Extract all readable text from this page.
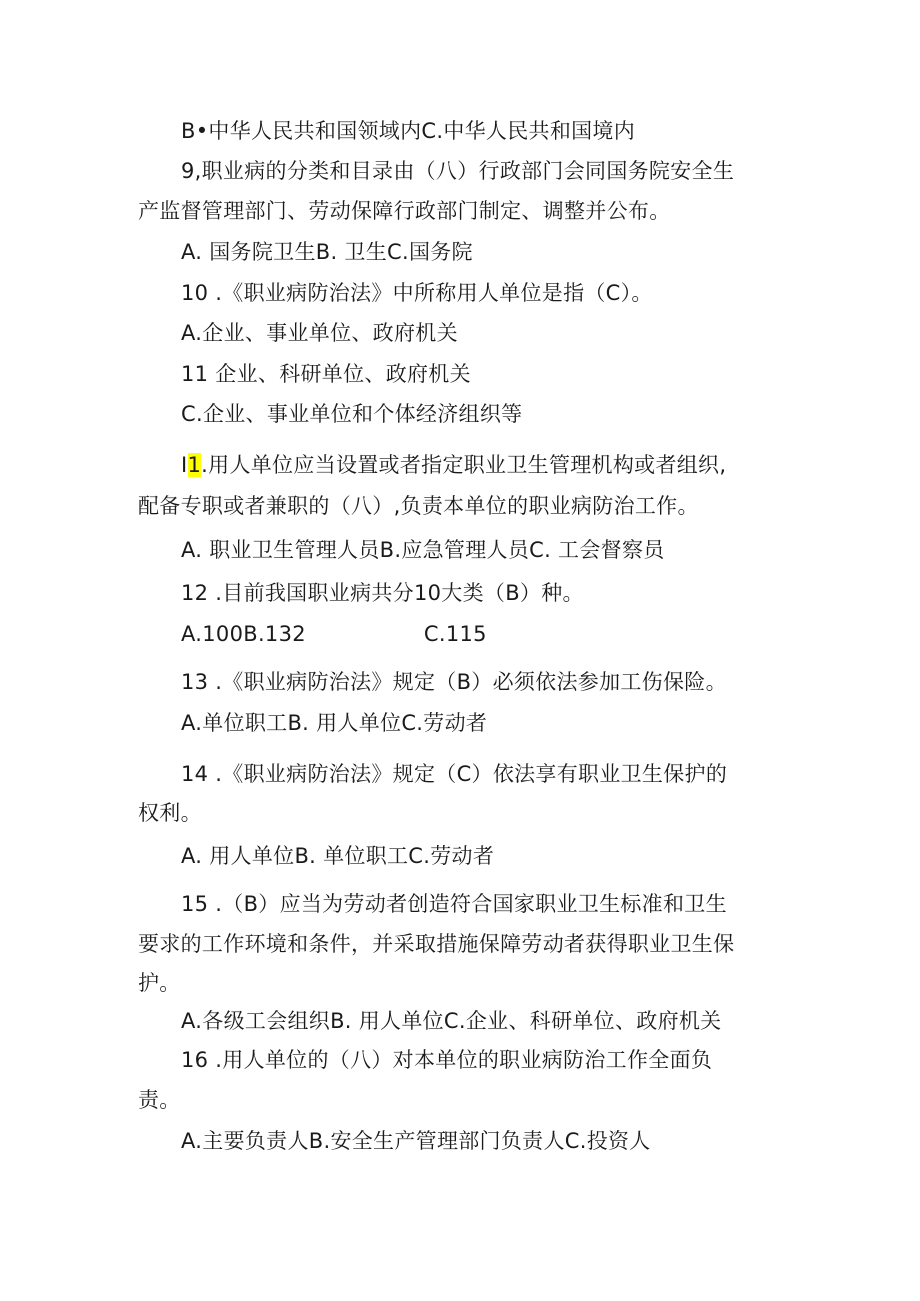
B•中华人民共和国领域内C.中华人民共和国境内
9,职业病的分类和目录由（八）行政部门会同国务院安全生
产监督管理部门、劳动保障行政部门制定、调整并公布。
A. 国务院卫生B. 卫生C.国务院
10 .《职业病防治法》中所称用人单位是指（C）。
A.企业、事业单位、政府机关
11 企业、科研单位、政府机关
C.企业、事业单位和个体经济组织等
I1.用人单位应当设置或者指定职业卫生管理机构或者组织,
配备专职或者兼职的（八）,负责本单位的职业病防治工作。
A. 职业卫生管理人员B.应急管理人员C. 工会督察员
12 .目前我国职业病共分10大类（B）种。
A.100B.132	C.115
13 .《职业病防治法》规定（B）必须依法参加工伤保险。
A.单位职工B. 用人单位C.劳动者
14 .《职业病防治法》规定（C）依法享有职业卫生保护的
权利。
A. 用人单位B. 单位职工C.劳动者
15 .（B）应当为劳动者创造符合国家职业卫生标准和卫生
要求的工作环境和条件，并采取措施保障劳动者获得职业卫生保
护。
A.各级工会组织B. 用人单位C.企业、科研单位、政府机关
16 .用人单位的（八）对本单位的职业病防治工作全面负
责。
A.主要负责人B.安全生产管理部门负责人C.投资人
